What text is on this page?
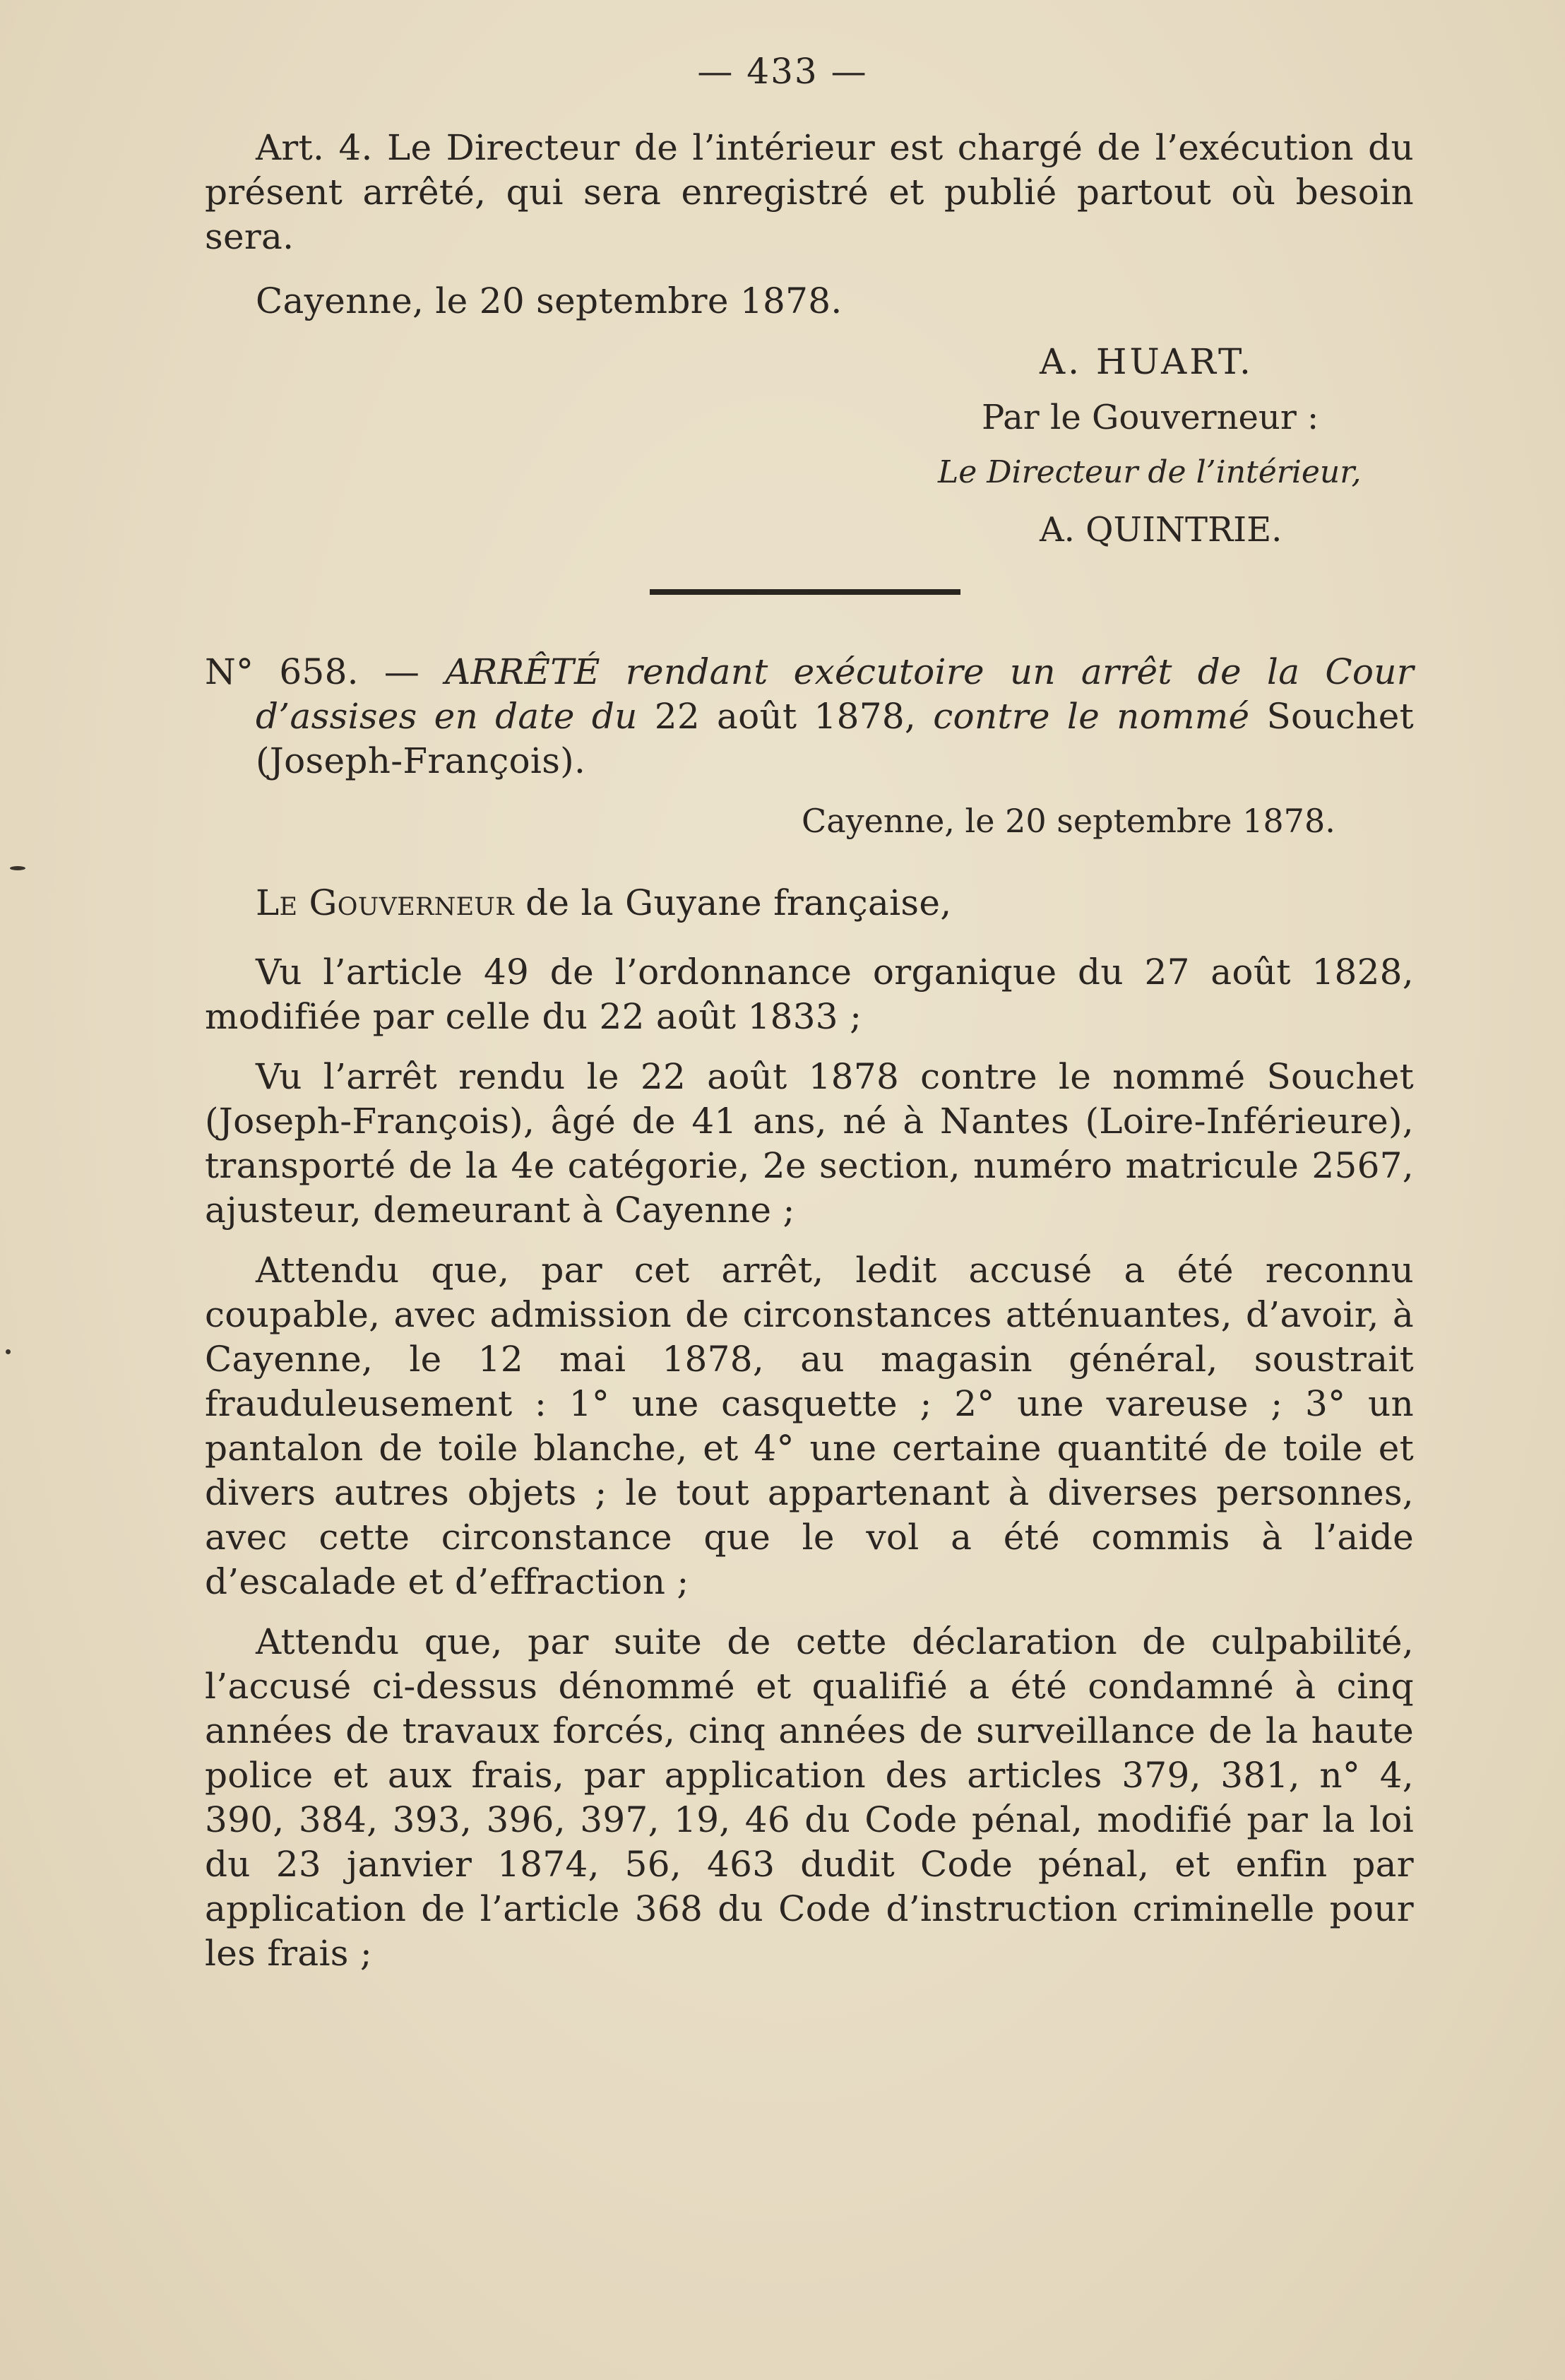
— 433 —

Art. 4. Le Directeur de l’intérieur est chargé de l’exécution du présent arrêté, qui sera enregistré et publié partout où besoin sera.

Cayenne, le 20 septembre 1878.

A. HUART.
Par le Gouverneur :
Le Directeur de l’intérieur,
A. QUINTRIE.

N° 658. — ARRÊTÉ rendant exécutoire un arrêt de la Cour d’assises en date du 22 août 1878, contre le nommé Souchet (Joseph-François).

Cayenne, le 20 septembre 1878.

Le Gouverneur de la Guyane française,

Vu l’article 49 de l’ordonnance organique du 27 août 1828, modifiée par celle du 22 août 1833 ;

Vu l’arrêt rendu le 22 août 1878 contre le nommé Souchet (Joseph-François), âgé de 41 ans, né à Nantes (Loire-Inférieure), transporté de la 4e catégorie, 2e section, numéro matricule 2567, ajusteur, demeurant à Cayenne ;

Attendu que, par cet arrêt, ledit accusé a été reconnu coupable, avec admission de circonstances atténuantes, d’avoir, à Cayenne, le 12 mai 1878, au magasin général, soustrait frauduleusement : 1° une casquette ; 2° une vareuse ; 3° un pantalon de toile blanche, et 4° une certaine quantité de toile et divers autres objets ; le tout appartenant à diverses personnes, avec cette circonstance que le vol a été commis à l’aide d’escalade et d’effraction ;

Attendu que, par suite de cette déclaration de culpabilité, l’accusé ci-dessus dénommé et qualifié a été condamné à cinq années de travaux forcés, cinq années de surveillance de la haute police et aux frais, par application des articles 379, 381, n° 4, 390, 384, 393, 396, 397, 19, 46 du Code pénal, modifié par la loi du 23 janvier 1874, 56, 463 dudit Code pénal, et enfin par application de l’article 368 du Code d’instruction criminelle pour les frais ;
